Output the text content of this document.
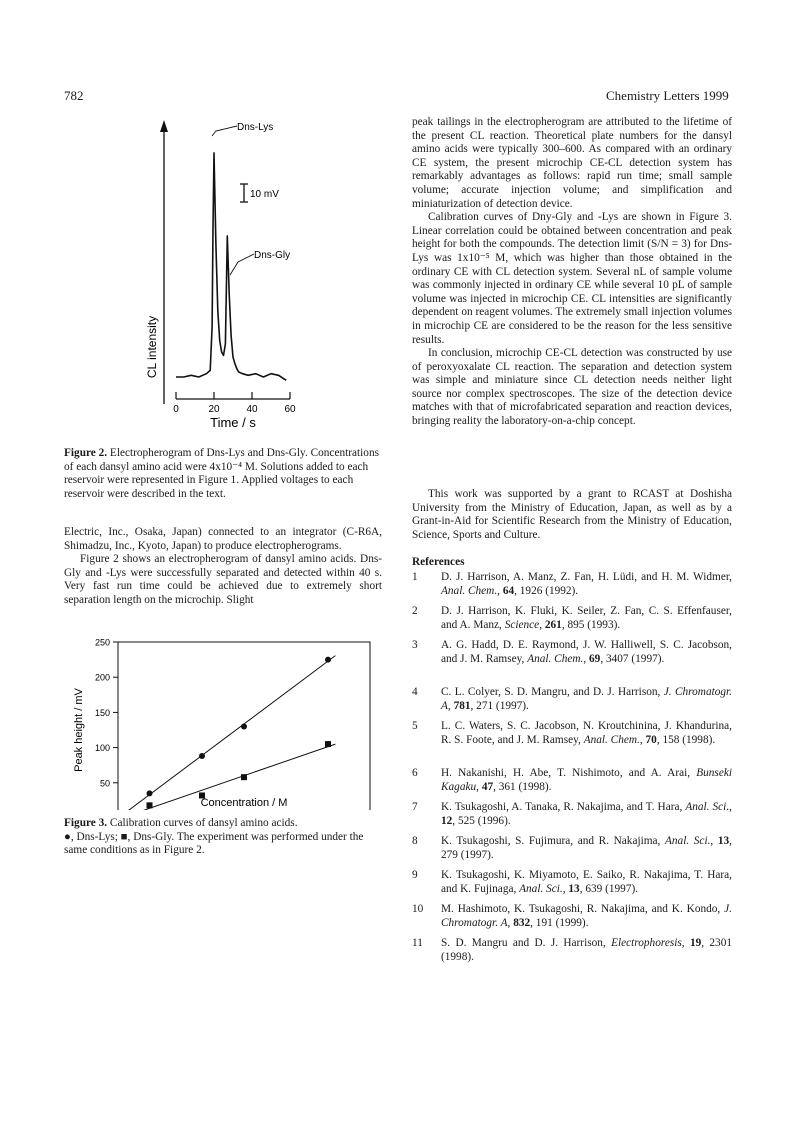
782	Chemistry Letters 1999
CL intensity
0	20	40	60
Time / s
Dns-Lys
Dns-Gly
10 mV
Figure 2. Electropherogram of Dns-Lys and Dns-Gly. Concentrations of each dansyl amino acid were 4x10⁻⁴ M. Solutions added to each reservoir were represented in Figure 1. Applied voltages to each reservoir were described in the text.

Electric, Inc., Osaka, Japan) connected to an integrator (C-R6A, Shimadzu, Inc., Kyoto, Japan) to produce electropherograms.

Figure 2 shows an electropherogram of dansyl amino acids. Dns-Gly and -Lys were successfully separated and detected within 40 s. Very fast run time could be achieved due to extremely short separation length on the microchip. Slight

50
100
150
200
250
Peak height / mV
Concentration / M
Figure 3. Calibration curves of dansyl amino acids.
●, Dns-Lys; ■, Dns-Gly. The experiment was performed under the same conditions as in Figure 2.

peak tailings in the electropherogram are attributed to the lifetime of the present CL reaction. Theoretical plate numbers for the dansyl amino acids were typically 300–600. As compared with an ordinary CE system, the present microchip CE-CL detection system has remarkably advantages as follows: rapid run time; small sample volume; accurate injection volume; and simplification and miniaturization of detection device.

Calibration curves of Dny-Gly and -Lys are shown in Figure 3. Linear correlation could be obtained between concentration and peak height for both the compounds. The detection limit (S/N = 3) for Dns-Lys was 1x10⁻⁵ M, which was higher than those obtained in the ordinary CE with CL detection system. Several nL of sample volume was commonly injected in ordinary CE while several 10 pL of sample volume was injected in microchip CE. CL intensities are significantly dependent on reagent volumes. The extremely small injection volumes in microchip CE are considered to be the reason for the less sensitive results.

In conclusion, microchip CE-CL detection was constructed by use of peroxyoxalate CL reaction. The separation and detection system was simple and miniature since CL detection needs neither light source nor complex spectroscopes. The size of the detection device matches with that of microfabricated separation and reaction devices, bringing reality the laboratory-on-a-chip concept.

This work was supported by a grant to RCAST at Doshisha University from the Ministry of Education, Japan, as well as by a Grant-in-Aid for Scientific Research from the Ministry of Education, Science, Sports and Culture.

References
1 D. J. Harrison, A. Manz, Z. Fan, H. Lüdi, and H. M. Widmer, Anal. Chem., 64, 1926 (1992).
2 D. J. Harrison, K. Fluki, K. Seiler, Z. Fan, C. S. Effenfauser, and A. Manz, Science, 261, 895 (1993).
3 A. G. Hadd, D. E. Raymond, J. W. Halliwell, S. C. Jacobson, and J. M. Ramsey, Anal. Chem., 69, 3407 (1997).
4 C. L. Colyer, S. D. Mangru, and D. J. Harrison, J. Chromatogr. A, 781, 271 (1997).
5 L. C. Waters, S. C. Jacobson, N. Kroutchinina, J. Khandurina, R. S. Foote, and J. M. Ramsey, Anal. Chem., 70, 158 (1998).
6 H. Nakanishi, H. Abe, T. Nishimoto, and A. Arai, Bunseki Kagaku, 47, 361 (1998).
7 K. Tsukagoshi, A. Tanaka, R. Nakajima, and T. Hara, Anal. Sci., 12, 525 (1996).
8 K. Tsukagoshi, S. Fujimura, and R. Nakajima, Anal. Sci., 13, 279 (1997).
9 K. Tsukagoshi, K. Miyamoto, E. Saiko, R. Nakajima, T. Hara, and K. Fujinaga, Anal. Sci., 13, 639 (1997).
10 M. Hashimoto, K. Tsukagoshi, R. Nakajima, and K. Kondo, J. Chromatogr. A, 832, 191 (1999).
11 S. D. Mangru and D. J. Harrison, Electrophoresis, 19, 2301 (1998).
